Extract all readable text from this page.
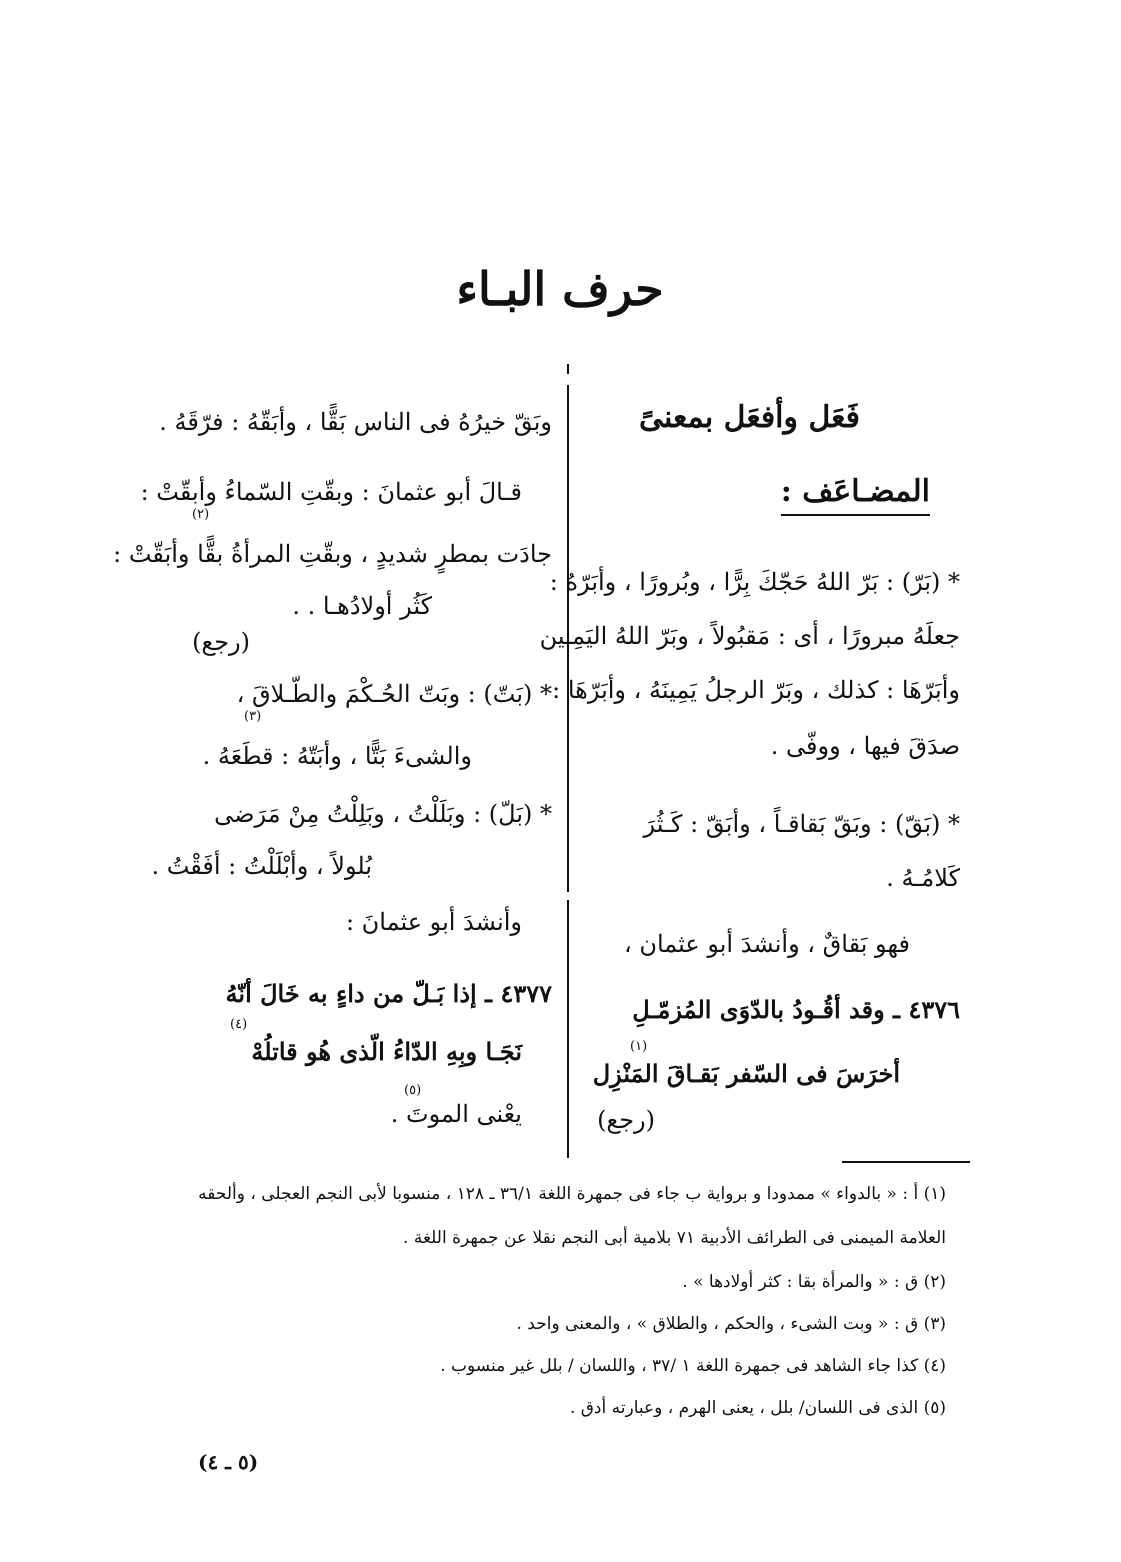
حرف البـاء
فَعَل وأفعَل بمعنىً
المضـاعَف :
* (بَرّ) : بَرّ اللهُ حَجّكَ بِرًّا ، وبُرورًا ، وأبَرّهُ :
جعلَهُ مبرورًا ، أى : مَقبُولاً ، وبَرّ اللهُ اليَمِـين
وأبَرّهَا : كذلك ، وبَرّ الرجلُ يَمِينَهُ ، وأبَرّهَا :
صدَقَ فيها ، ووفّى .
* (بَقّ) : وبَقّ بَقاقـاً ، وأبَقّ : كَـثُرَ
كَلامُـهُ .
فهو بَقاقٌ ، وأنشدَ أبو عثمان ،
٤٣٧٦ ـ وقد أقُـودُ بالدّوَى المُزمّـلِ
أخرَسَ فى السّفر بَقـاقَ المَنْزِل
(رجع)
(١)
وبَقّ خيرُهُ فى الناس بَقًّا ، وأبَقّهُ : فرّقَهُ .
قـالَ أبو عثمانَ : وبقّتِ السّماءُ وأبقّتْ :
جادَت بمطرٍ شديدٍ ، وبقّتِ المرأةُ بقًّا وأبَقّتْ :
كَثُر أولادُهـا . .
(رجع)
* (بَتّ) : وبَتّ الحُـكْمَ والطّـلاقَ ،
والشىءَ بَتًّا ، وأبَتّهُ : قطَعَهُ .
* (بَلّ) : وبَلَلْتُ ، وبَلِلْتُ مِنْ مَرَضى
بُلولاً ، وأبْلَلْتُ : أفَقْتُ .
وأنشدَ أبو عثمانَ :
٤٣٧٧ ـ إذا بَـلّ من داءٍ به خَالَ أنّهُ
نَجَـا وبِهِ الدّاءُ الّذى هُو قاتلُهْ
يعْنى الموتَ .
(٢)
(٣)
(٤)
(٥)
(١) أ : « بالدواء » ممدودا و برواية ب جاء فى جمهرة اللغة ٣٦/١ ـ ١٢٨ ، منسوبا لأبى النجم العجلى ، وألحقه
العلامة الميمنى فى الطرائف الأدبية ٧١ بلامية أبى النجم نقلا عن جمهرة اللغة .
(٢) ق : « والمرأة بقا : كثر أولادها » .
(٣) ق : « وبت الشىء ، والحكم ، والطلاق » ، والمعنى واحد .
(٤) كذا جاء الشاهد فى جمهرة اللغة ١ /٣٧ ، واللسان / بلل غير منسوب .
(٥) الذى فى اللسان/ بلل ، يعنى الهرم ، وعبارته أدق .
(٥ ـ ٤)
